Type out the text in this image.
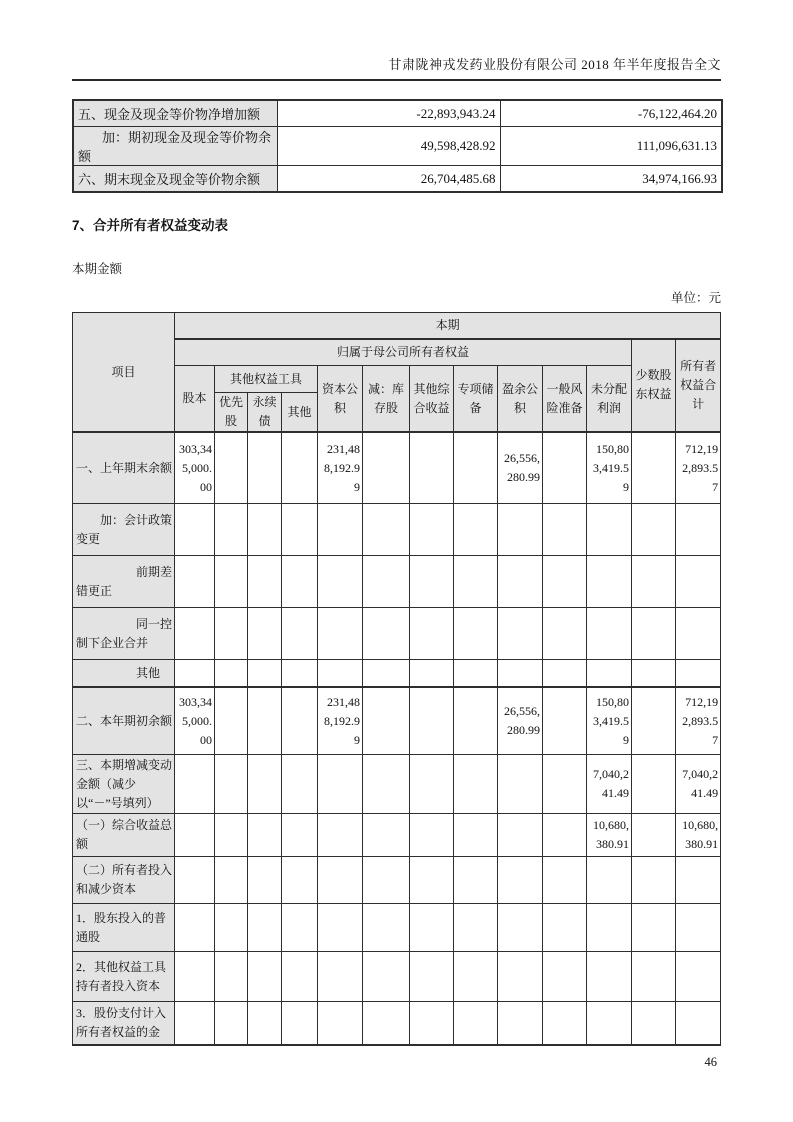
甘肃陇神戎发药业股份有限公司 2018 年半年度报告全文
五、现金及现金等价物净增加额	-22,893,943.24	-76,122,464.20
加：期初现金及现金等价物余额	49,598,428.92	111,096,631.13
六、期末现金及现金等价物余额	26,704,485.68	34,974,166.93
7、合并所有者权益变动表
本期金额
单位：元
项目	本期												
	归属于母公司所有者权益											少数股东权益	所有者权益合计
	股本	其他权益工具			资本公积	减：库存股	其他综合收益	专项储备	盈余公积	一般风险准备	未分配利润		
		优先股	永续债	其他									
一、上年期末余额	303,345,000.00				231,488,192.99				26,556,280.99		150,803,419.59		712,192,893.57
加：会计政策变更													
前期差错更正													
同一控制下企业合并													
其他													
二、本年期初余额	303,345,000.00				231,488,192.99				26,556,280.99		150,803,419.59		712,192,893.57
三、本期增减变动金额（减少以“－”号填列）											7,040,241.49		7,040,241.49
（一）综合收益总额											10,680,380.91		10,680,380.91
（二）所有者投入和减少资本													
1．股东投入的普通股													
2．其他权益工具持有者投入资本													
3．股份支付计入所有者权益的金													
46
